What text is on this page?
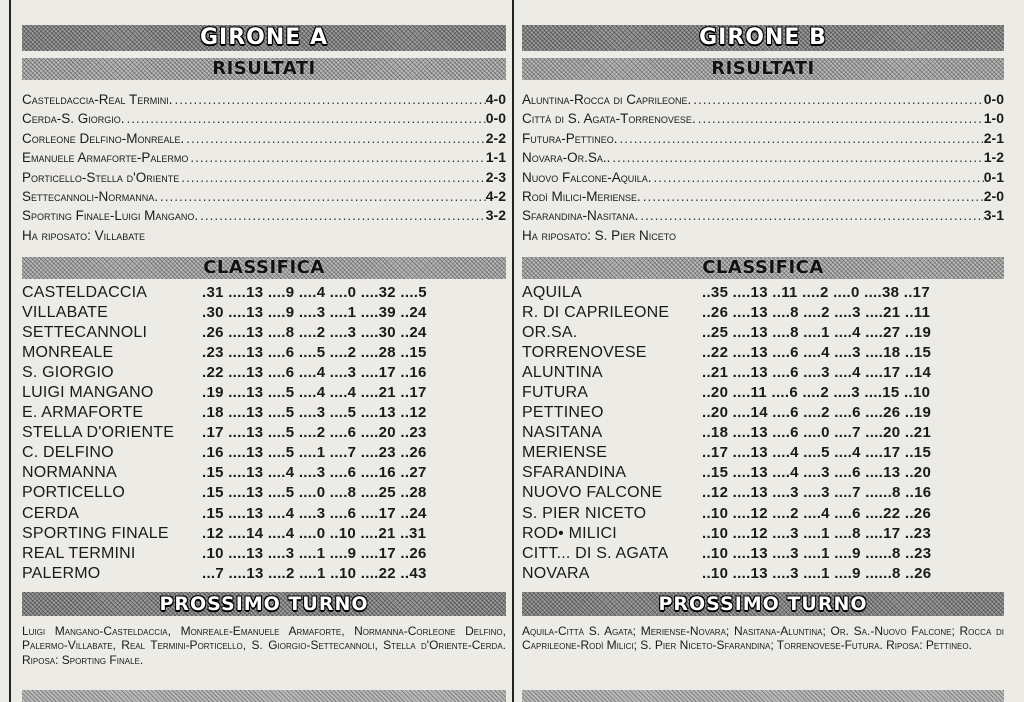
GIRONE A
RISULTATI
Casteldaccia-Real Termini. .....	4-0
Cerda-S. Giorgio. .....	0-0
Corleone Delfino-Monreale. .....	2-2
Emanuele Armaforte-Palermo .....	1-1
Porticello-Stella d'Oriente .....	2-3
Settecannoli-Normanna. .....	4-2
Sporting Finale-Luigi Mangano. .....	3-2
Ha riposato: Villabate
CLASSIFICA
CASTELDACCIA	.31 ....13 ....9 ....4 ....0 ....32 ....5
VILLABATE	.30 ....13 ....9 ....3 ....1 ....39 ..24
SETTECANNOLI	.26 ....13 ....8 ....2 ....3 ....30 ..24
MONREALE	.23 ....13 ....6 ....5 ....2 ....28 ..15
S. GIORGIO	.22 ....13 ....6 ....4 ....3 ....17 ..16
LUIGI MANGANO	.19 ....13 ....5 ....4 ....4 ....21 ..17
E. ARMAFORTE	.18 ....13 ....5 ....3 ....5 ....13 ..12
STELLA D'ORIENTE	.17 ....13 ....5 ....2 ....6 ....20 ..23
C. DELFINO	.16 ....13 ....5 ....1 ....7 ....23 ..26
NORMANNA	.15 ....13 ....4 ....3 ....6 ....16 ..27
PORTICELLO	.15 ....13 ....5 ....0 ....8 ....25 ..28
CERDA	.15 ....13 ....4 ....3 ....6 ....17 ..24
SPORTING FINALE	.12 ....14 ....4 ....0 ..10 ....21 ..31
REAL TERMINI	.10 ....13 ....3 ....1 ....9 ....17 ..26
PALERMO	...7 ....13 ....2 ....1 ..10 ....22 ..43
PROSSIMO TURNO
Luigi Mangano-Casteldaccia, Monreale-Emanuele Armaforte, Normanna-Corleone Delfino, Palermo-Villabate, Real Termini-Porticello, S. Giorgio-Settecannoli, Stella d'Oriente-Cerda. Riposa: Sporting Finale.
GIRONE B
RISULTATI
Aluntina-Rocca di Caprileone. .....	0-0
Città di S. Agata-Torrenovese. .....	1-0
Futura-Pettineo. .....	2-1
Novara-Or.Sa.. .....	1-2
Nuovo Falcone-Aquila. .....	0-1
Rodì Milici-Meriense. .....	2-0
Sfarandina-Nasitana. .....	3-1
Ha riposato: S. Pier Niceto
CLASSIFICA
AQUILA	..35 ....13 ..11 ....2 ....0 ....38 ..17
R. DI CAPRILEONE	..26 ....13 ....8 ....2 ....3 ....21 ..11
OR.SA.	..25 ....13 ....8 ....1 ....4 ....27 ..19
TORRENOVESE	..22 ....13 ....6 ....4 ....3 ....18 ..15
ALUNTINA	..21 ....13 ....6 ....3 ....4 ....17 ..14
FUTURA	..20 ....11 ....6 ....2 ....3 ....15 ..10
PETTINEO	..20 ....14 ....6 ....2 ....6 ....26 ..19
NASITANA	..18 ....13 ....6 ....0 ....7 ....20 ..21
MERIENSE	..17 ....13 ....4 ....5 ....4 ....17 ..15
SFARANDINA	..15 ....13 ....4 ....3 ....6 ....13 ..20
NUOVO FALCONE	..12 ....13 ....3 ....3 ....7 ......8 ..16
S. PIER NICETO	..10 ....12 ....2 ....4 ....6 ....22 ..26
ROD• MILICI	..10 ....12 ....3 ....1 ....8 ....17 ..23
CITT... DI S. AGATA	..10 ....13 ....3 ....1 ....9 ......8 ..23
NOVARA	..10 ....13 ....3 ....1 ....9 ......8 ..26
PROSSIMO TURNO
Aquila-Città S. Agata; Meriense-Novara; Nasitana-Aluntina; Or. Sa.-Nuovo Falcone; Rocca di Caprileone-Rodì Milici; S. Pier Niceto-Sfarandina; Torrenovese-Futura. Riposa: Pettineo.
